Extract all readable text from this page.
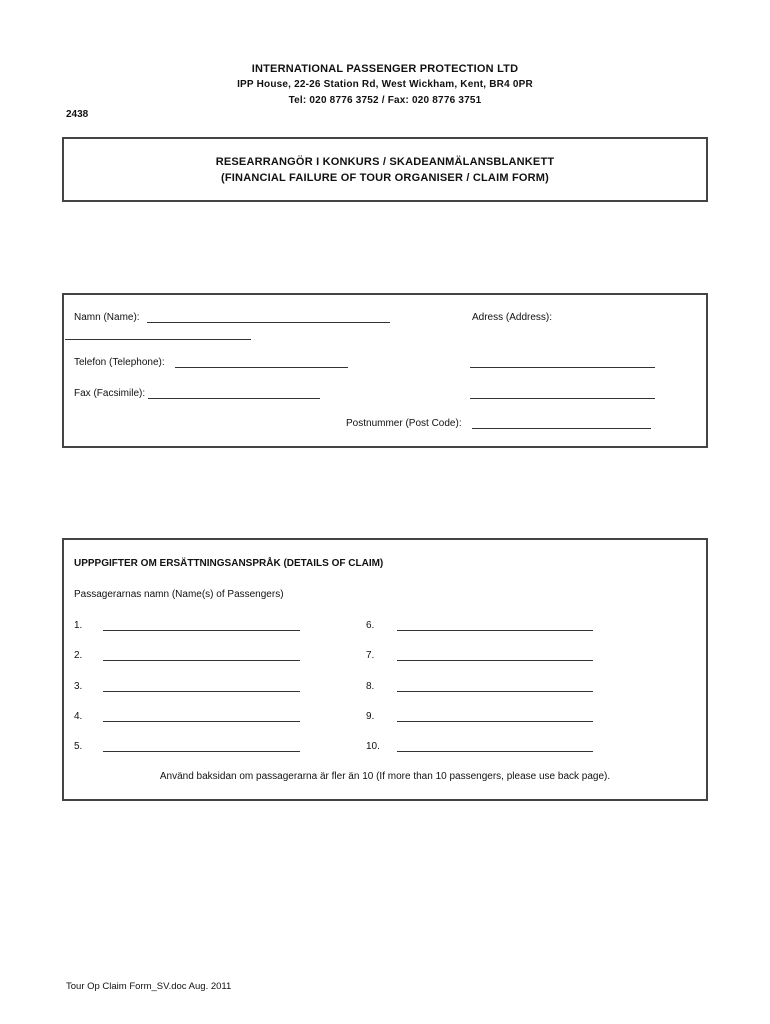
INTERNATIONAL PASSENGER PROTECTION LTD
IPP House, 22-26 Station Rd, West Wickham, Kent, BR4 0PR
Tel: 020 8776 3752 / Fax: 020 8776 3751
2438
RESEARRANGÖR I KONKURS / SKADEANMÄLANSBLANKETT
(FINANCIAL FAILURE OF TOUR ORGANISER / CLAIM FORM)
Namn (Name):	Adress (Address):
Telefon (Telephone):
Fax (Facsimile):
Postnummer (Post Code):
UPPPGIFTER OM ERSÄTTNINGSANSPRÅK (DETAILS OF CLAIM)
Passagerarnas namn (Name(s) of Passengers)
1.
2.
3.
4.
5.
6.
7.
8.
9.
10.
Använd baksidan om passagerarna är fler än 10 (If more than 10 passengers, please use back page).
Tour Op Claim Form_SV.doc Aug. 2011
